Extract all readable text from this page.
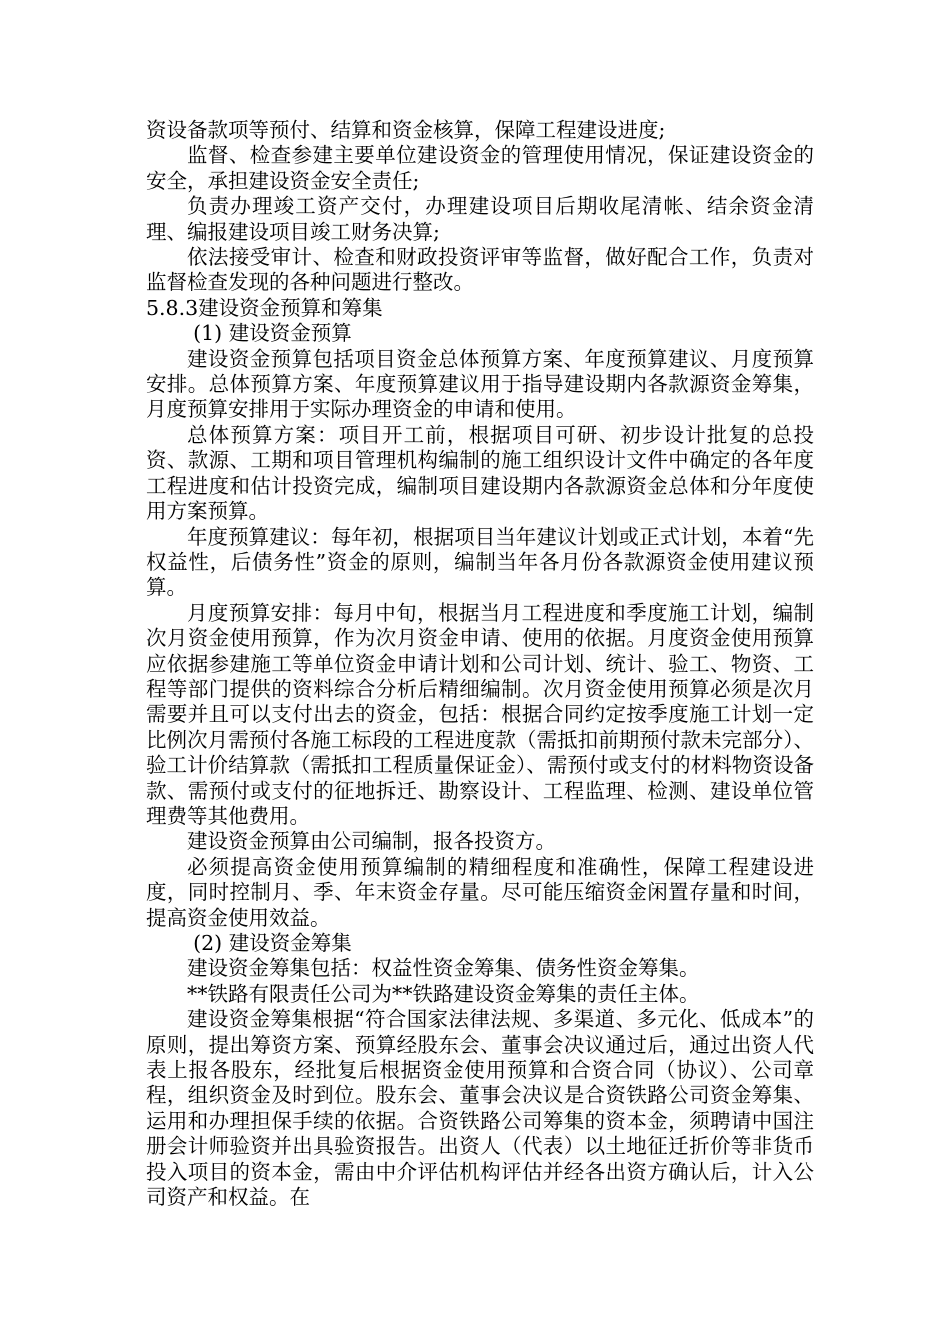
资设备款项等预付、结算和资金核算，保障工程建设进度;

监督、检查参建主要单位建设资金的管理使用情况，保证建设资金的安全，承担建设资金安全责任;

负责办理竣工资产交付，办理建设项目后期收尾清帐、结余资金清理、编报建设项目竣工财务决算;

依法接受审计、检查和财政投资评审等监督，做好配合工作，负责对监督检查发现的各种问题进行整改。

5.8.3建设资金预算和筹集

(1) 建设资金预算

建设资金预算包括项目资金总体预算方案、年度预算建议、月度预算安排。总体预算方案、年度预算建议用于指导建设期内各款源资金筹集，月度预算安排用于实际办理资金的申请和使用。

总体预算方案：项目开工前，根据项目可研、初步设计批复的总投资、款源、工期和项目管理机构编制的施工组织设计文件中确定的各年度工程进度和估计投资完成，编制项目建设期内各款源资金总体和分年度使用方案预算。

年度预算建议：每年初，根据项目当年建议计划或正式计划，本着“先权益性，后债务性”资金的原则，编制当年各月份各款源资金使用建议预算。

月度预算安排：每月中旬，根据当月工程进度和季度施工计划，编制次月资金使用预算，作为次月资金申请、使用的依据。月度资金使用预算应依据参建施工等单位资金申请计划和公司计划、统计、验工、物资、工程等部门提供的资料综合分析后精细编制。次月资金使用预算必须是次月需要并且可以支付出去的资金，包括：根据合同约定按季度施工计划一定比例次月需预付各施工标段的工程进度款（需抵扣前期预付款未完部分）、验工计价结算款（需抵扣工程质量保证金）、需预付或支付的材料物资设备款、需预付或支付的征地拆迁、勘察设计、工程监理、检测、建设单位管理费等其他费用。

建设资金预算由公司编制，报各投资方。

必须提高资金使用预算编制的精细程度和准确性，保障工程建设进度，同时控制月、季、年末资金存量。尽可能压缩资金闲置存量和时间，提高资金使用效益。

(2) 建设资金筹集

建设资金筹集包括：权益性资金筹集、债务性资金筹集。

**铁路有限责任公司为**铁路建设资金筹集的责任主体。

建设资金筹集根据“符合国家法律法规、多渠道、多元化、低成本”的原则，提出筹资方案、预算经股东会、董事会决议通过后，通过出资人代表上报各股东，经批复后根据资金使用预算和合资合同（协议）、公司章程，组织资金及时到位。股东会、董事会决议是合资铁路公司资金筹集、运用和办理担保手续的依据。合资铁路公司筹集的资本金，须聘请中国注册会计师验资并出具验资报告。出资人（代表）以土地征迁折价等非货币投入项目的资本金，需由中介评估机构评估并经各出资方确认后，计入公司资产和权益。在
